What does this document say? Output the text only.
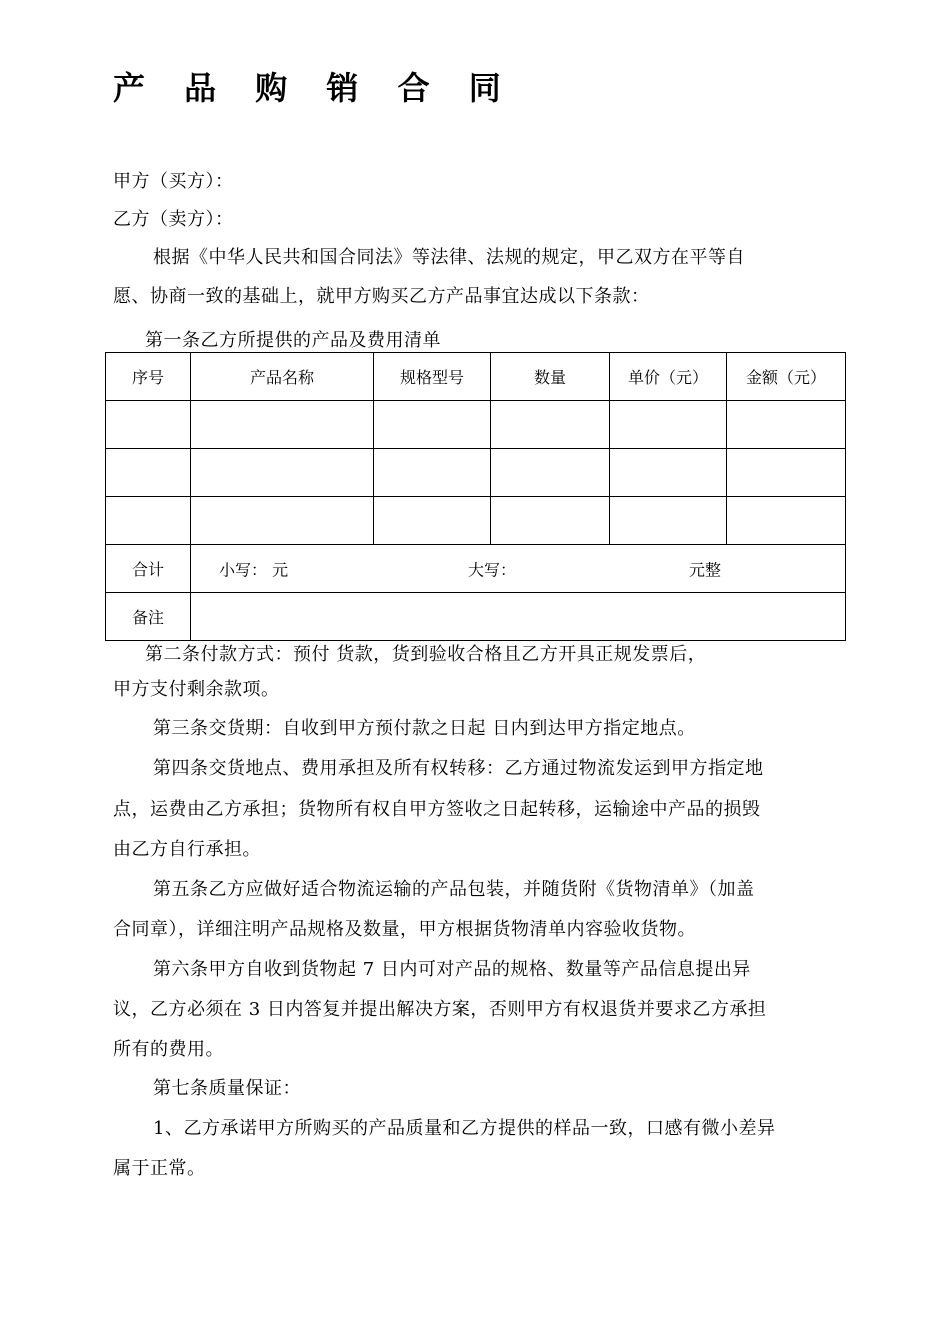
产 品 购 销 合 同
甲方（买方）：
乙方（卖方）：
根据《中华人民共和国合同法》等法律、法规的规定，甲乙双方在平等自
愿、协商一致的基础上，就甲方购买乙方产品事宜达成以下条款：
第一条乙方所提供的产品及费用清单
序号	产品名称	规格型号	数量	单价（元）	金额（元）

合计	小写： 元 大写： 元整				

备注					
第二条付款方式：预付 货款，货到验收合格且乙方开具正规发票后，
甲方支付剩余款项。
第三条交货期：自收到甲方预付款之日起 日内到达甲方指定地点。
第四条交货地点、费用承担及所有权转移：乙方通过物流发运到甲方指定地
点，运费由乙方承担；货物所有权自甲方签收之日起转移，运输途中产品的损毁
由乙方自行承担。
第五条乙方应做好适合物流运输的产品包装，并随货附《货物清单》（加盖
合同章），详细注明产品规格及数量，甲方根据货物清单内容验收货物。
第六条甲方自收到货物起 7 日内可对产品的规格、数量等产品信息提出异
议，乙方必须在 3 日内答复并提出解决方案，否则甲方有权退货并要求乙方承担
所有的费用。
第七条质量保证：
1、乙方承诺甲方所购买的产品质量和乙方提供的样品一致，口感有微小差异
属于正常。
